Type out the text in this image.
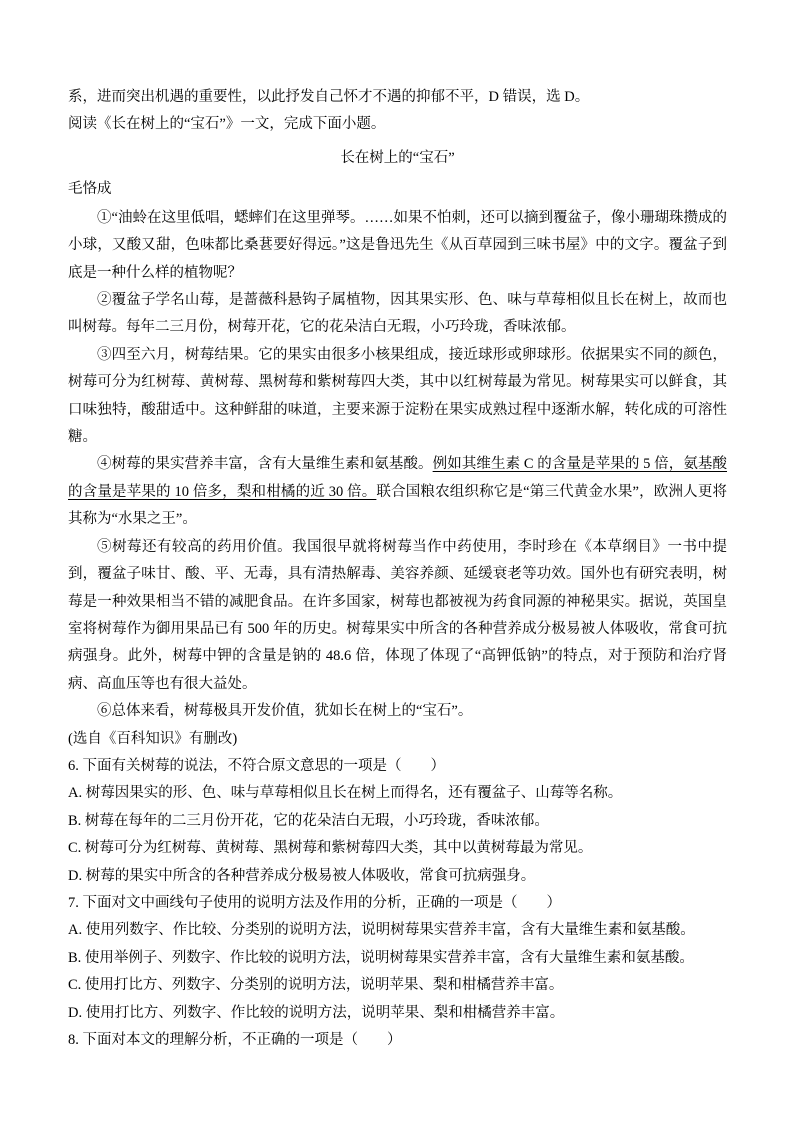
系，进而突出机遇的重要性，以此抒发自己怀才不遇的抑郁不平，D 错误，选 D。

阅读《长在树上的“宝石”》一文，完成下面小题。

长在树上的“宝石”

毛恪成

①“油蛉在这里低唱，蟋蟀们在这里弹琴。……如果不怕刺，还可以摘到覆盆子，像小珊瑚珠攒成的小球，又酸又甜，色味都比桑葚要好得远。”这是鲁迅先生《从百草园到三味书屋》中的文字。覆盆子到底是一种什么样的植物呢？

②覆盆子学名山莓，是蔷薇科悬钩子属植物，因其果实形、色、味与草莓相似且长在树上，故而也叫树莓。每年二三月份，树莓开花，它的花朵洁白无瑕，小巧玲珑，香味浓郁。

③四至六月，树莓结果。它的果实由很多小核果组成，接近球形或卵球形。依据果实不同的颜色，树莓可分为红树莓、黄树莓、黑树莓和紫树莓四大类，其中以红树莓最为常见。树莓果实可以鲜食，其口味独特，酸甜适中。这种鲜甜的味道，主要来源于淀粉在果实成熟过程中逐渐水解，转化成的可溶性糖。

④树莓的果实营养丰富，含有大量维生素和氨基酸。例如其维生素 C 的含量是苹果的 5 倍，氨基酸的含量是苹果的 10 倍多，梨和柑橘的近 30 倍。联合国粮农组织称它是“第三代黄金水果”，欧洲人更将其称为“水果之王”。

⑤树莓还有较高的药用价值。我国很早就将树莓当作中药使用，李时珍在《本草纲目》一书中提到，覆盆子味甘、酸、平、无毒，具有清热解毒、美容养颜、延缓衰老等功效。国外也有研究表明，树莓是一种效果相当不错的减肥食品。在许多国家，树莓也都被视为药食同源的神秘果实。据说，英国皇室将树莓作为御用果品已有 500 年的历史。树莓果实中所含的各种营养成分极易被人体吸收，常食可抗病强身。此外，树莓中钾的含量是钠的 48.6 倍，体现了体现了“高钾低钠”的特点，对于预防和治疗肾病、高血压等也有很大益处。

⑥总体来看，树莓极具开发价值，犹如长在树上的“宝石”。

(选自《百科知识》有删改)

6. 下面有关树莓的说法，不符合原文意思的一项是（　　）

A. 树莓因果实的形、色、味与草莓相似且长在树上而得名，还有覆盆子、山莓等名称。

B. 树莓在每年的二三月份开花，它的花朵洁白无瑕，小巧玲珑，香味浓郁。

C. 树莓可分为红树莓、黄树莓、黑树莓和紫树莓四大类，其中以黄树莓最为常见。

D. 树莓的果实中所含的各种营养成分极易被人体吸收，常食可抗病强身。

7. 下面对文中画线句子使用的说明方法及作用的分析，正确的一项是（　　）

A. 使用列数字、作比较、分类别的说明方法，说明树莓果实营养丰富，含有大量维生素和氨基酸。

B. 使用举例子、列数字、作比较的说明方法，说明树莓果实营养丰富，含有大量维生素和氨基酸。

C. 使用打比方、列数字、分类别的说明方法，说明苹果、梨和柑橘营养丰富。

D. 使用打比方、列数字、作比较的说明方法，说明苹果、梨和柑橘营养丰富。

8. 下面对本文的理解分析，不正确的一项是（　　）
